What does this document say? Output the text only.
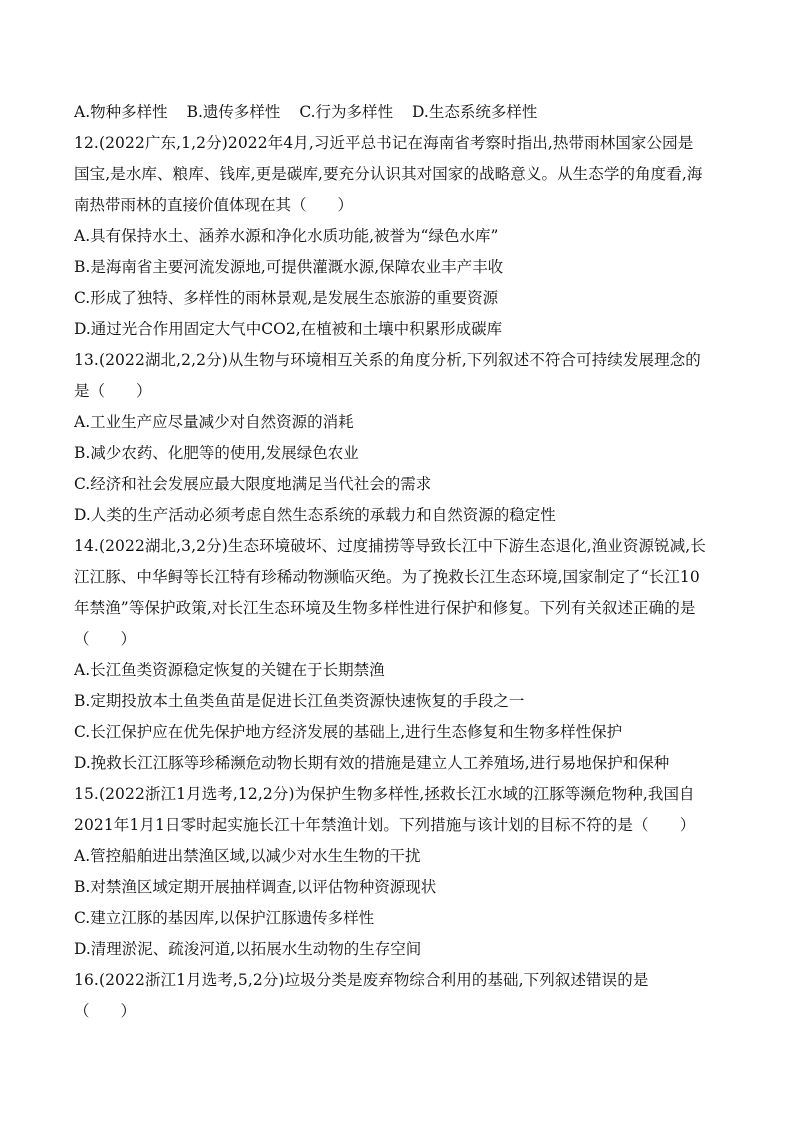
A.物种多样性 B.遗传多样性 C.行为多样性 D.生态系统多样性
12.(2022广东,1,2分)2022年4月,习近平总书记在海南省考察时指出,热带雨林国家公园是
国宝,是水库、粮库、钱库,更是碳库,要充分认识其对国家的战略意义。从生态学的角度看,海
南热带雨林的直接价值体现在其（　　）
A.具有保持水土、涵养水源和净化水质功能,被誉为“绿色水库”
B.是海南省主要河流发源地,可提供灌溉水源,保障农业丰产丰收
C.形成了独特、多样性的雨林景观,是发展生态旅游的重要资源
D.通过光合作用固定大气中CO2,在植被和土壤中积累形成碳库
13.(2022湖北,2,2分)从生物与环境相互关系的角度分析,下列叙述不符合可持续发展理念的
是（　　）
A.工业生产应尽量减少对自然资源的消耗
B.减少农药、化肥等的使用,发展绿色农业
C.经济和社会发展应最大限度地满足当代社会的需求
D.人类的生产活动必须考虑自然生态系统的承载力和自然资源的稳定性
14.(2022湖北,3,2分)生态环境破坏、过度捕捞等导致长江中下游生态退化,渔业资源锐减,长
江江豚、中华鲟等长江特有珍稀动物濒临灭绝。为了挽救长江生态环境,国家制定了“长江10
年禁渔”等保护政策,对长江生态环境及生物多样性进行保护和修复。下列有关叙述正确的是
（　　）
A.长江鱼类资源稳定恢复的关键在于长期禁渔
B.定期投放本土鱼类鱼苗是促进长江鱼类资源快速恢复的手段之一
C.长江保护应在优先保护地方经济发展的基础上,进行生态修复和生物多样性保护
D.挽救长江江豚等珍稀濒危动物长期有效的措施是建立人工养殖场,进行易地保护和保种
15.(2022浙江1月选考,12,2分)为保护生物多样性,拯救长江水域的江豚等濒危物种,我国自
2021年1月1日零时起实施长江十年禁渔计划。下列措施与该计划的目标不符的是（　　）
A.管控船舶进出禁渔区域,以减少对水生生物的干扰
B.对禁渔区域定期开展抽样调查,以评估物种资源现状
C.建立江豚的基因库,以保护江豚遗传多样性
D.清理淤泥、疏浚河道,以拓展水生动物的生存空间
16.(2022浙江1月选考,5,2分)垃圾分类是废弃物综合利用的基础,下列叙述错误的是
（　　）
